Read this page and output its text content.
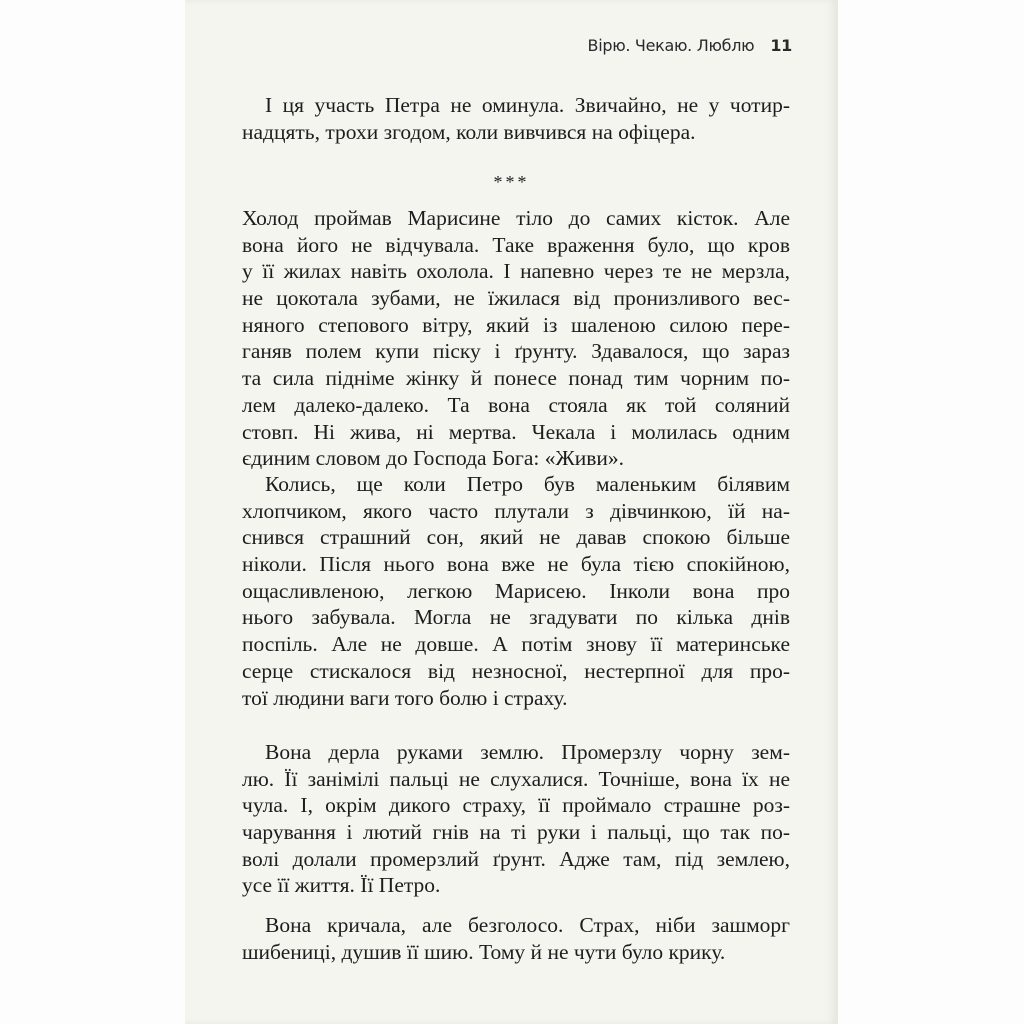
Вірю. Чекаю. Люблю 11
І ця участь Петра не оминула. Звичайно, не у чотир-
надцять, трохи згодом, коли вивчився на офіцера.
***
Холод проймав Марисине тіло до самих кісток. Але
вона його не відчувала. Таке враження було, що кров
у її жилах навіть охолола. І напевно через те не мерзла,
не цокотала зубами, не їжилася від пронизливого вес-
няного степового вітру, який із шаленою силою пере-
ганяв полем купи піску і ґрунту. Здавалося, що зараз
та сила підніме жінку й понесе понад тим чорним по-
лем далеко-далеко. Та вона стояла як той соляний
стовп. Ні жива, ні мертва. Чекала і молилась одним
єдиним словом до Господа Бога: «Живи».
Колись, ще коли Петро був маленьким білявим
хлопчиком, якого часто плутали з дівчинкою, їй на-
снився страшний сон, який не давав спокою більше
ніколи. Після нього вона вже не була тією спокійною,
ощасливленою, легкою Марисею. Інколи вона про
нього забувала. Могла не згадувати по кілька днів
поспіль. Але не довше. А потім знову її материнське
серце стискалося від незносної, нестерпної для про-
тої людини ваги того болю і страху.
Вона дерла руками землю. Промерзлу чорну зем-
лю. Її занімілі пальці не слухалися. Точніше, вона їх не
чула. І, окрім дикого страху, її проймало страшне роз-
чарування і лютий гнів на ті руки і пальці, що так по-
волі долали промерзлий ґрунт. Адже там, під землею,
усе її життя. Її Петро.
Вона кричала, але безголосо. Страх, ніби зашморг
шибениці, душив її шию. Тому й не чути було крику.
